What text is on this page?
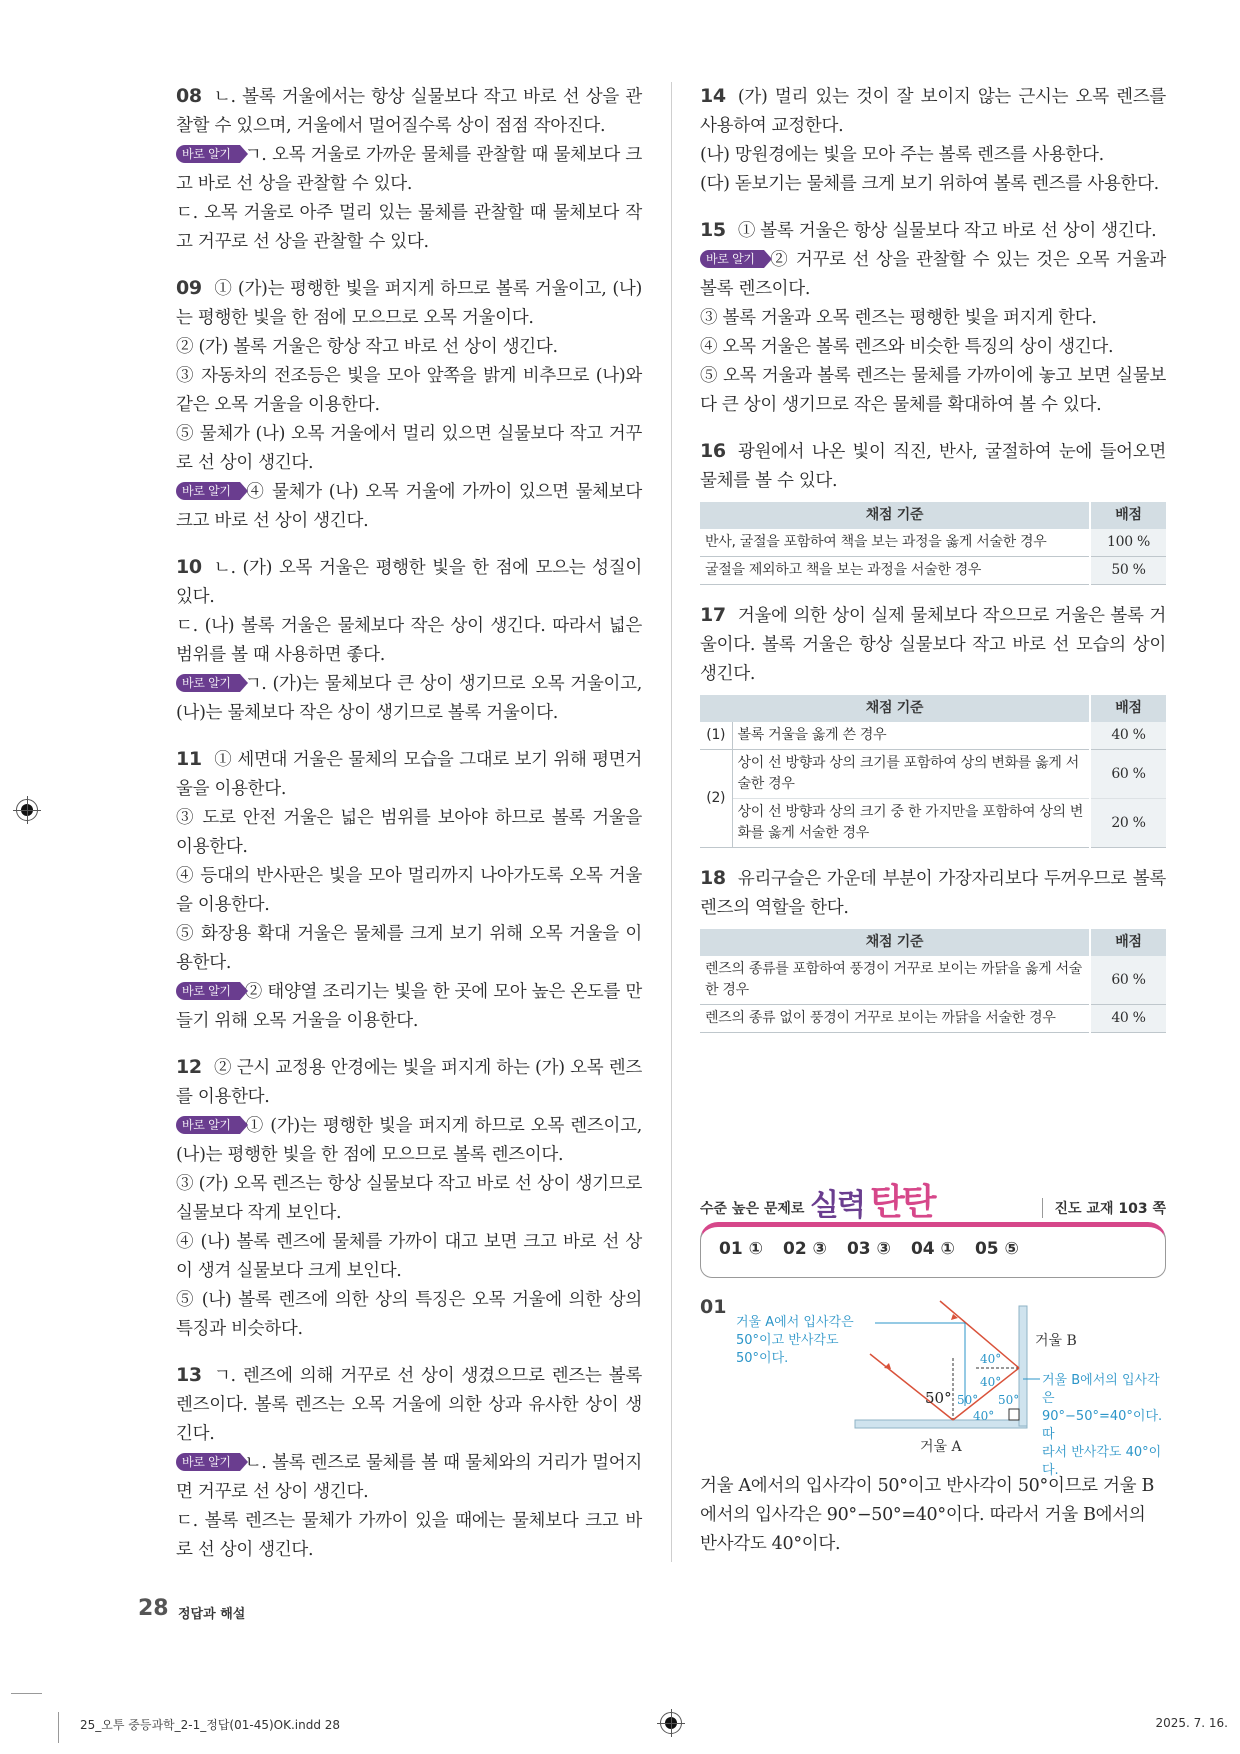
08 ㄴ. 볼록 거울에서는 항상 실물보다 작고 바로 선 상을 관찰할 수 있으며, 거울에서 멀어질수록 상이 점점 작아진다.
바로 알기 ㄱ. 오목 거울로 가까운 물체를 관찰할 때 물체보다 크고 바로 선 상을 관찰할 수 있다.
ㄷ. 오목 거울로 아주 멀리 있는 물체를 관찰할 때 물체보다 작고 거꾸로 선 상을 관찰할 수 있다.
09 ① (가)는 평행한 빛을 퍼지게 하므로 볼록 거울이고, (나)는 평행한 빛을 한 점에 모으므로 오목 거울이다.
② (가) 볼록 거울은 항상 작고 바로 선 상이 생긴다.
③ 자동차의 전조등은 빛을 모아 앞쪽을 밝게 비추므로 (나)와 같은 오목 거울을 이용한다.
⑤ 물체가 (나) 오목 거울에서 멀리 있으면 실물보다 작고 거꾸로 선 상이 생긴다.
바로 알기 ④ 물체가 (나) 오목 거울에 가까이 있으면 물체보다 크고 바로 선 상이 생긴다.
10 ㄴ. (가) 오목 거울은 평행한 빛을 한 점에 모으는 성질이 있다.
ㄷ. (나) 볼록 거울은 물체보다 작은 상이 생긴다. 따라서 넓은 범위를 볼 때 사용하면 좋다.
바로 알기 ㄱ. (가)는 물체보다 큰 상이 생기므로 오목 거울이고, (나)는 물체보다 작은 상이 생기므로 볼록 거울이다.
11 ① 세면대 거울은 물체의 모습을 그대로 보기 위해 평면거울을 이용한다.
③ 도로 안전 거울은 넓은 범위를 보아야 하므로 볼록 거울을 이용한다.
④ 등대의 반사판은 빛을 모아 멀리까지 나아가도록 오목 거울을 이용한다.
⑤ 화장용 확대 거울은 물체를 크게 보기 위해 오목 거울을 이용한다.
바로 알기 ② 태양열 조리기는 빛을 한 곳에 모아 높은 온도를 만들기 위해 오목 거울을 이용한다.
12 ② 근시 교정용 안경에는 빛을 퍼지게 하는 (가) 오목 렌즈를 이용한다.
바로 알기 ① (가)는 평행한 빛을 퍼지게 하므로 오목 렌즈이고, (나)는 평행한 빛을 한 점에 모으므로 볼록 렌즈이다.
③ (가) 오목 렌즈는 항상 실물보다 작고 바로 선 상이 생기므로 실물보다 작게 보인다.
④ (나) 볼록 렌즈에 물체를 가까이 대고 보면 크고 바로 선 상이 생겨 실물보다 크게 보인다.
⑤ (나) 볼록 렌즈에 의한 상의 특징은 오목 거울에 의한 상의 특징과 비슷하다.
13 ㄱ. 렌즈에 의해 거꾸로 선 상이 생겼으므로 렌즈는 볼록 렌즈이다. 볼록 렌즈는 오목 거울에 의한 상과 유사한 상이 생긴다.
바로 알기 ㄴ. 볼록 렌즈로 물체를 볼 때 물체와의 거리가 멀어지면 거꾸로 선 상이 생긴다.
ㄷ. 볼록 렌즈는 물체가 가까이 있을 때에는 물체보다 크고 바로 선 상이 생긴다.
14 (가) 멀리 있는 것이 잘 보이지 않는 근시는 오목 렌즈를 사용하여 교정한다.
(나) 망원경에는 빛을 모아 주는 볼록 렌즈를 사용한다.
(다) 돋보기는 물체를 크게 보기 위하여 볼록 렌즈를 사용한다.
15 ① 볼록 거울은 항상 실물보다 작고 바로 선 상이 생긴다.
바로 알기 ② 거꾸로 선 상을 관찰할 수 있는 것은 오목 거울과 볼록 렌즈이다.
③ 볼록 거울과 오목 렌즈는 평행한 빛을 퍼지게 한다.
④ 오목 거울은 볼록 렌즈와 비슷한 특징의 상이 생긴다.
⑤ 오목 거울과 볼록 렌즈는 물체를 가까이에 놓고 보면 실물보다 큰 상이 생기므로 작은 물체를 확대하여 볼 수 있다.
16 광원에서 나온 빛이 직진, 반사, 굴절하여 눈에 들어오면 물체를 볼 수 있다.
채점 기준	배점
반사, 굴절을 포함하여 책을 보는 과정을 옳게 서술한 경우	100 %
굴절을 제외하고 책을 보는 과정을 서술한 경우	50 %
17 거울에 의한 상이 실제 물체보다 작으므로 거울은 볼록 거울이다. 볼록 거울은 항상 실물보다 작고 바로 선 모습의 상이 생긴다.
채점 기준		배점
(1)	볼록 거울을 옳게 쓴 경우	40 %
(2)	상이 선 방향과 상의 크기를 포함하여 상의 변화를 옳게 서술한 경우	60 %
	상이 선 방향과 상의 크기 중 한 가지만을 포함하여 상의 변화를 옳게 서술한 경우	20 %
18 유리구슬은 가운데 부분이 가장자리보다 두꺼우므로 볼록 렌즈의 역할을 한다.
채점 기준	배점
렌즈의 종류를 포함하여 풍경이 거꾸로 보이는 까닭을 옳게 서술한 경우	60 %
렌즈의 종류 없이 풍경이 거꾸로 보이는 까닭을 서술한 경우	40 %
수준 높은 문제로 실력 탄탄	진도 교재 103 쪽
01 ① 02 ③ 03 ③ 04 ① 05 ⑤
01
50° 50°
40°
40°
40°
50°
거울 A에서 입사각은
50°이고 반사각도
50°이다.
거울 B에서의 입사각은
90°−50°=40°이다. 따
라서 반사각도 40°이다.
거울 B
거울 A
거울 A에서의 입사각이 50°이고 반사각이 50°이므로 거울 B에서의 입사각은 90°−50°=40°이다. 따라서 거울 B에서의 반사각도 40°이다.
28 정답과 해설
25_오투 중등과학_2-1_정답(01-45)OK.indd 28	2025. 7. 16.
